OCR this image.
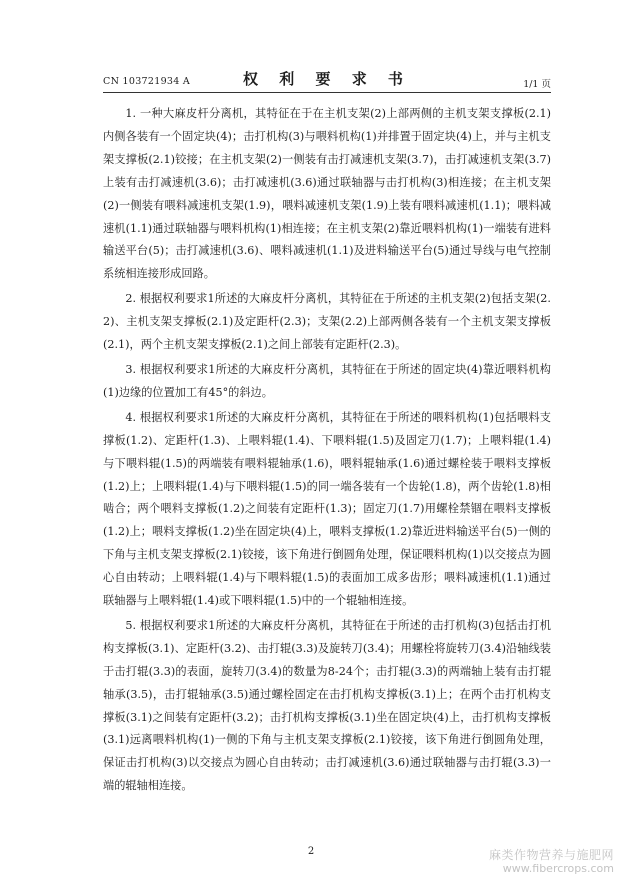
CN 103721934 A	权 利 要 求 书	1/1 页

1. 一种大麻皮杆分离机，其特征在于在主机支架(2)上部两侧的主机支架支撑板(2.1)内侧各装有一个固定块(4)；击打机构(3)与喂料机构(1)并排置于固定块(4)上，并与主机支架支撑板(2.1)铰接；在主机支架(2)一侧装有击打减速机支架(3.7)，击打减速机支架(3.7)上装有击打减速机(3.6)；击打减速机(3.6)通过联轴器与击打机构(3)相连接；在主机支架(2)一侧装有喂料减速机支架(1.9)，喂料减速机支架(1.9)上装有喂料减速机(1.1)；喂料减速机(1.1)通过联轴器与喂料机构(1)相连接；在主机支架(2)靠近喂料机构(1)一端装有进料输送平台(5)；击打减速机(3.6)、喂料减速机(1.1)及进料输送平台(5)通过导线与电气控制系统相连接形成回路。

2. 根据权利要求1所述的大麻皮杆分离机，其特征在于所述的主机支架(2)包括支架(2.2)、主机支架支撑板(2.1)及定距杆(2.3)；支架(2.2)上部两侧各装有一个主机支架支撑板(2.1)，两个主机支架支撑板(2.1)之间上部装有定距杆(2.3)。

3. 根据权利要求1所述的大麻皮杆分离机，其特征在于所述的固定块(4)靠近喂料机构(1)边缘的位置加工有45°的斜边。

4. 根据权利要求1所述的大麻皮杆分离机，其特征在于所述的喂料机构(1)包括喂料支撑板(1.2)、定距杆(1.3)、上喂料辊(1.4)、下喂料辊(1.5)及固定刀(1.7)；上喂料辊(1.4)与下喂料辊(1.5)的两端装有喂料辊轴承(1.6)，喂料辊轴承(1.6)通过螺栓装于喂料支撑板(1.2)上；上喂料辊(1.4)与下喂料辊(1.5)的同一端各装有一个齿轮(1.8)，两个齿轮(1.8)相啮合；两个喂料支撑板(1.2)之间装有定距杆(1.3)；固定刀(1.7)用螺栓禁锢在喂料支撑板(1.2)上；喂料支撑板(1.2)坐在固定块(4)上，喂料支撑板(1.2)靠近进料输送平台(5)一侧的下角与主机支架支撑板(2.1)铰接，该下角进行倒圆角处理，保证喂料机构(1)以交接点为圆心自由转动；上喂料辊(1.4)与下喂料辊(1.5)的表面加工成多齿形；喂料减速机(1.1)通过联轴器与上喂料辊(1.4)或下喂料辊(1.5)中的一个辊轴相连接。

5. 根据权利要求1所述的大麻皮杆分离机，其特征在于所述的击打机构(3)包括击打机构支撑板(3.1)、定距杆(3.2)、击打辊(3.3)及旋转刀(3.4)；用螺栓将旋转刀(3.4)沿轴线装于击打辊(3.3)的表面，旋转刀(3.4)的数量为8-24个；击打辊(3.3)的两端轴上装有击打辊轴承(3.5)，击打辊轴承(3.5)通过螺栓固定在击打机构支撑板(3.1)上；在两个击打机构支撑板(3.1)之间装有定距杆(3.2)；击打机构支撑板(3.1)坐在固定块(4)上，击打机构支撑板(3.1)远离喂料机构(1)一侧的下角与主机支架支撑板(2.1)铰接，该下角进行倒圆角处理，保证击打机构(3)以交接点为圆心自由转动；击打减速机(3.6)通过联轴器与击打辊(3.3)一端的辊轴相连接。

2	麻类作物营养与施肥网
www.fibercrops.com
